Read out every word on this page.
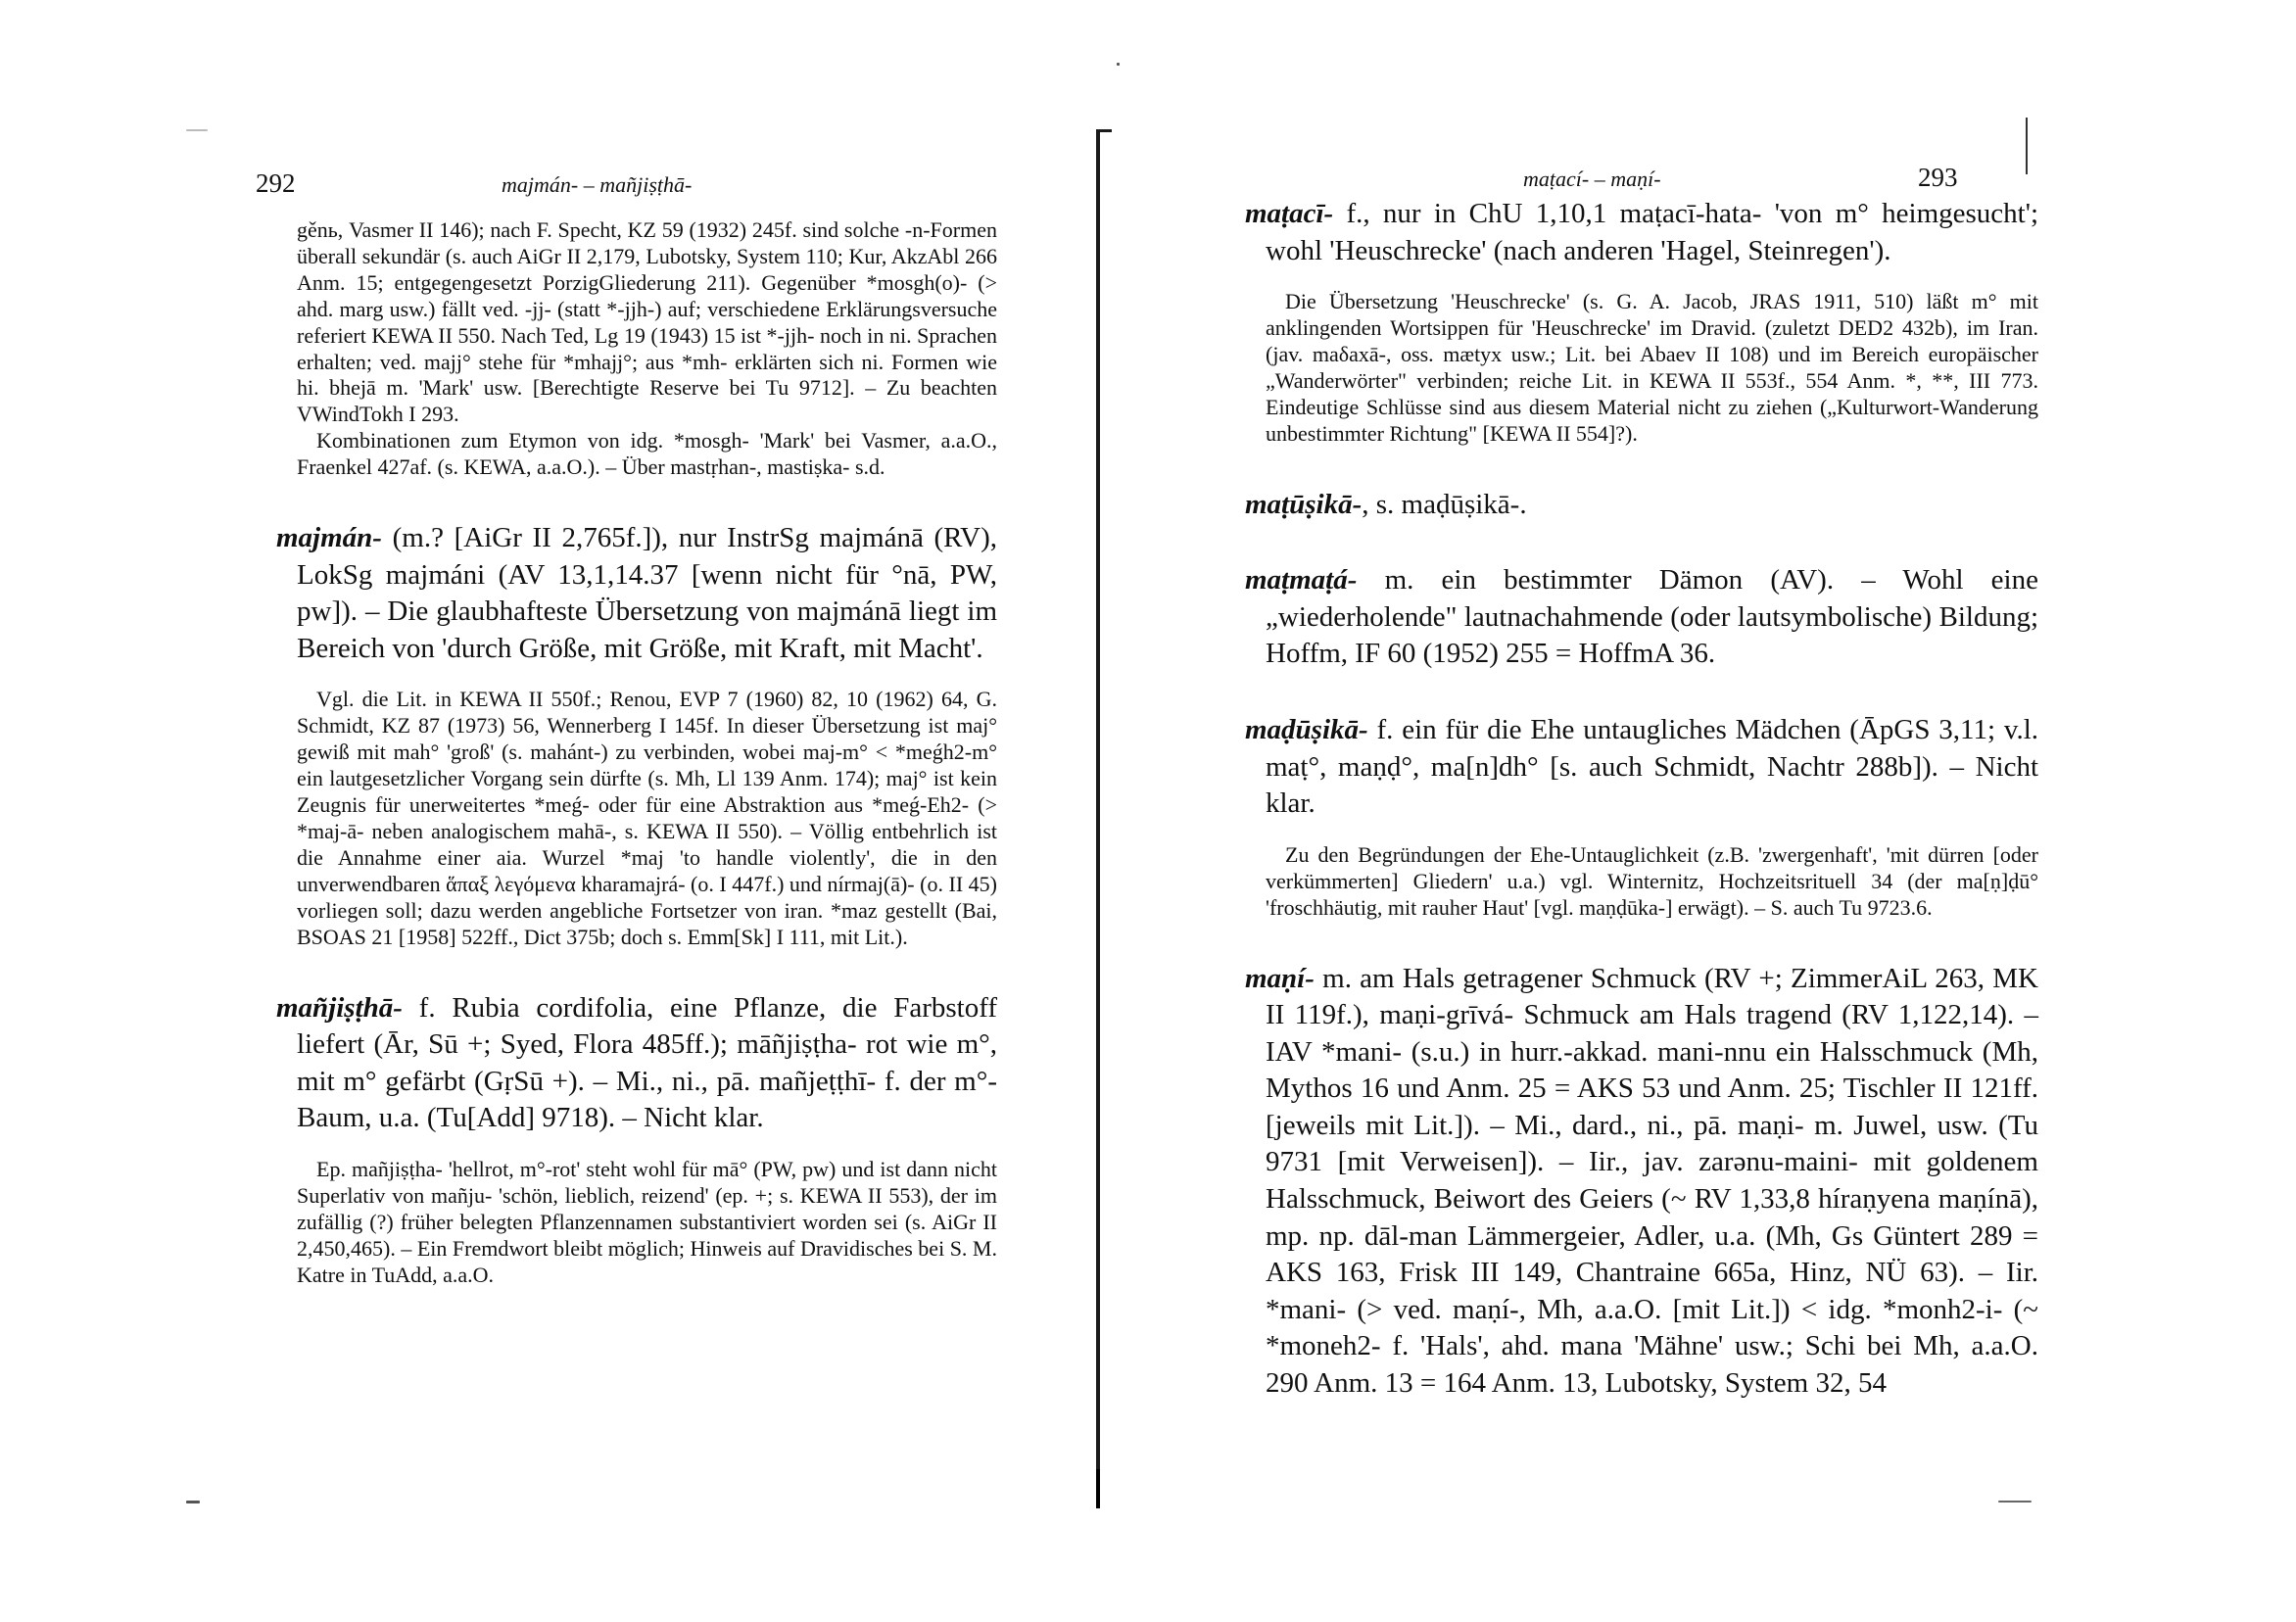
292	majmán- – mañjiṣṭhā-

gěnь, Vasmer II 146); nach F. Specht, KZ 59 (1932) 245f. sind solche -n-Formen überall sekundär (s. auch AiGr II 2,179, Lubotsky, System 110; Kur, AkzAbl 266 Anm. 15; entgegengesetzt PorzigGliederung 211). Gegenüber *mosgh(o)- (> ahd. marg usw.) fällt ved. -jj- (statt *-jjh-) auf; verschiedene Erklärungsversuche referiert KEWA II 550. Nach Ted, Lg 19 (1943) 15 ist *-jjh- noch in ni. Sprachen erhalten; ved. majj° stehe für *mhajj°; aus *mh- erklärten sich ni. Formen wie hi. bhejā m. 'Mark' usw. [Berechtigte Reserve bei Tu 9712]. – Zu beachten VWindTokh I 293.

Kombinationen zum Etymon von idg. *mosgh- 'Mark' bei Vasmer, a.a.O., Fraenkel 427af. (s. KEWA, a.a.O.). – Über mastṛhan-, mastiṣka- s.d.

majmán- (m.? [AiGr II 2,765f.]), nur InstrSg majmánā (RV), LokSg majmáni (AV 13,1,14.37 [wenn nicht für °nā, PW, pw]). – Die glaubhafteste Übersetzung von majmánā liegt im Bereich von 'durch Größe, mit Größe, mit Kraft, mit Macht'.

Vgl. die Lit. in KEWA II 550f.; Renou, EVP 7 (1960) 82, 10 (1962) 64, G. Schmidt, KZ 87 (1973) 56, Wennerberg I 145f. In dieser Übersetzung ist maj° gewiß mit mah° 'groß' (s. mahánt-) zu verbinden, wobei maj-m° < *meǵh2-m° ein lautgesetzlicher Vorgang sein dürfte (s. Mh, Ll 139 Anm. 174); maj° ist kein Zeugnis für unerweitertes *meǵ- oder für eine Abstraktion aus *meǵ-Eh2- (> *maj-ā- neben analogischem mahā-, s. KEWA II 550). – Völlig entbehrlich ist die Annahme einer aia. Wurzel *maj 'to handle violently', die in den unverwendbaren ἅπαξ λεγόμενα kharamajrá- (o. I 447f.) und nírmaj(ā)- (o. II 45) vorliegen soll; dazu werden angebliche Fortsetzer von iran. *maz gestellt (Bai, BSOAS 21 [1958] 522ff., Dict 375b; doch s. Emm[Sk] I 111, mit Lit.).

mañjiṣṭhā- f. Rubia cordifolia, eine Pflanze, die Farbstoff liefert (Ār, Sū +; Syed, Flora 485ff.); māñjiṣṭha- rot wie m°, mit m° gefärbt (GṛSū +). – Mi., ni., pā. mañjeṭṭhī- f. der m°-Baum, u.a. (Tu[Add] 9718). – Nicht klar.

Ep. mañjiṣṭha- 'hellrot, m°-rot' steht wohl für mā° (PW, pw) und ist dann nicht Superlativ von mañju- 'schön, lieblich, reizend' (ep. +; s. KEWA II 553), der im zufällig (?) früher belegten Pflanzennamen substantiviert worden sei (s. AiGr II 2,450,465). – Ein Fremdwort bleibt möglich; Hinweis auf Dravidisches bei S. M. Katre in TuAdd, a.a.O.

maṭací- – maṇí-	293

maṭacī- f., nur in ChU 1,10,1 maṭacī-hata- 'von m° heimgesucht'; wohl 'Heuschrecke' (nach anderen 'Hagel, Steinregen').

Die Übersetzung 'Heuschrecke' (s. G. A. Jacob, JRAS 1911, 510) läßt m° mit anklingenden Wortsippen für 'Heuschrecke' im Dravid. (zuletzt DED2 432b), im Iran. (jav. maδaxā-, oss. mætyx usw.; Lit. bei Abaev II 108) und im Bereich europäischer „Wanderwörter" verbinden; reiche Lit. in KEWA II 553f., 554 Anm. *, **, III 773. Eindeutige Schlüsse sind aus diesem Material nicht zu ziehen („Kulturwort-Wanderung unbestimmter Richtung" [KEWA II 554]?).

maṭūṣikā-, s. maḍūṣikā-.

maṭmaṭá- m. ein bestimmter Dämon (AV). – Wohl eine „wiederholende" lautnachahmende (oder lautsymbolische) Bildung; Hoffm, IF 60 (1952) 255 = HoffmA 36.

maḍūṣikā- f. ein für die Ehe untaugliches Mädchen (ĀpGS 3,11; v.l. maṭ°, maṇḍ°, ma[n]dh° [s. auch Schmidt, Nachtr 288b]). – Nicht klar.

Zu den Begründungen der Ehe-Untauglichkeit (z.B. 'zwergenhaft', 'mit dürren [oder verkümmerten] Gliedern' u.a.) vgl. Winternitz, Hochzeitsrituell 34 (der ma[ṇ]ḍū° 'froschhäutig, mit rauher Haut' [vgl. maṇḍūka-] erwägt). – S. auch Tu 9723.6.

maṇí- m. am Hals getragener Schmuck (RV +; ZimmerAiL 263, MK II 119f.), maṇi-grīvá- Schmuck am Hals tragend (RV 1,122,14). – IAV *mani- (s.u.) in hurr.-akkad. mani-nnu ein Halsschmuck (Mh, Mythos 16 und Anm. 25 = AKS 53 und Anm. 25; Tischler II 121ff. [jeweils mit Lit.]). – Mi., dard., ni., pā. maṇi- m. Juwel, usw. (Tu 9731 [mit Verweisen]). – Iir., jav. zarənu-maini- mit goldenem Halsschmuck, Beiwort des Geiers (~ RV 1,33,8 híraṇyena maṇínā), mp. np. dāl-man Lämmergeier, Adler, u.a. (Mh, Gs Güntert 289 = AKS 163, Frisk III 149, Chantraine 665a, Hinz, NÜ 63). – Iir. *mani- (> ved. maṇí-, Mh, a.a.O. [mit Lit.]) < idg. *monh2-i- (~ *moneh2- f. 'Hals', ahd. mana 'Mähne' usw.; Schi bei Mh, a.a.O. 290 Anm. 13 = 164 Anm. 13, Lubotsky, System 32, 54
